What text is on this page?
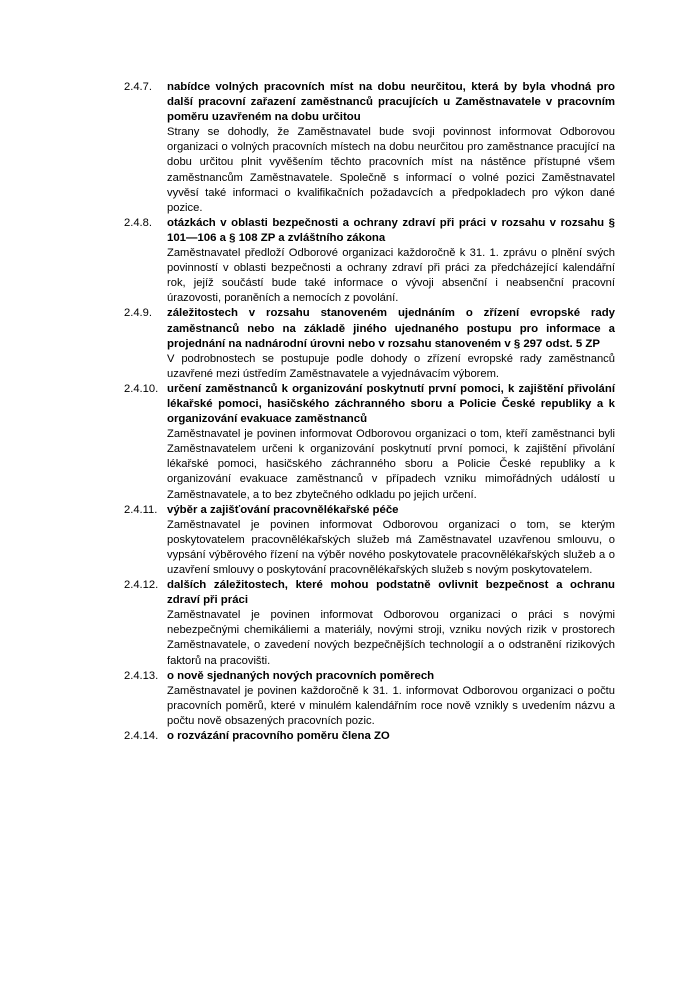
2.4.7.	nabídce volných pracovních míst na dobu neurčitou, která by byla vhodná pro další pracovní zařazení zaměstnanců pracujících u Zaměstnavatele v pracovním poměru uzavřeném na dobu určitou
Strany se dohodly, že Zaměstnavatel bude svoji povinnost informovat Odborovou organizaci o volných pracovních místech na dobu neurčitou pro zaměstnance pracující na dobu určitou plnit vyvěšením těchto pracovních míst na nástěnce přístupné všem zaměstnancům Zaměstnavatele. Společně s informací o volné pozici Zaměstnavatel vyvěsí také informaci o kvalifikačních požadavcích a předpokladech pro výkon dané pozice.
2.4.8.	otázkách v oblasti bezpečnosti a ochrany zdraví při práci v rozsahu v rozsahu § 101—106 a § 108 ZP a zvláštního zákona
Zaměstnavatel předloží Odborové organizaci každoročně k 31. 1. zprávu o plnění svých povinností v oblasti bezpečnosti a ochrany zdraví při práci za předcházející kalendářní rok, jejíž součástí bude také informace o vývoji absenční i neabsenční pracovní úrazovosti, poraněních a nemocích z povolání.
2.4.9.	záležitostech v rozsahu stanoveném ujednáním o zřízení evropské rady zaměstnanců nebo na základě jiného ujednaného postupu pro informace a projednání na nadnárodní úrovni nebo v rozsahu stanoveném v § 297 odst. 5 ZP
V podrobnostech se postupuje podle dohody o zřízení evropské rady zaměstnanců uzavřené mezi ústředím Zaměstnavatele a vyjednávacím výborem.
2.4.10. určení zaměstnanců k organizování poskytnutí první pomoci, k zajištění přivolání lékařské pomoci, hasičského záchranného sboru a Policie České republiky a k organizování evakuace zaměstnanců
Zaměstnavatel je povinen informovat Odborovou organizaci o tom, kteří zaměstnanci byli Zaměstnavatelem určeni k organizování poskytnutí první pomoci, k zajištění přivolání lékařské pomoci, hasičského záchranného sboru a Policie České republiky a k organizování evakuace zaměstnanců v případech vzniku mimořádných událostí u Zaměstnavatele, a to bez zbytečného odkladu po jejich určení.
2.4.11. výběr a zajišťování pracovnělékařské péče
Zaměstnavatel je povinen informovat Odborovou organizaci o tom, se kterým poskytovatelem pracovnělékařských služeb má Zaměstnavatel uzavřenou smlouvu, o vypsání výběrového řízení na výběr nového poskytovatele pracovnělékařských služeb a o uzavření smlouvy o poskytování pracovnělékařských služeb s novým poskytovatelem.
2.4.12. dalších záležitostech, které mohou podstatně ovlivnit bezpečnost a ochranu zdraví při práci
Zaměstnavatel je povinen informovat Odborovou organizaci o práci s novými nebezpečnými chemikáliemi a materiály, novými stroji, vzniku nových rizik v prostorech Zaměstnavatele, o zavedení nových bezpečnějších technologií a o odstranění rizikových faktorů na pracovišti.
2.4.13. o nově sjednaných nových pracovních poměrech
Zaměstnavatel je povinen každoročně k 31. 1. informovat Odborovou organizaci o počtu pracovních poměrů, které v minulém kalendářním roce nově vznikly s uvedením názvu a počtu nově obsazených pracovních pozic.
2.4.14. o rozvázání pracovního poměru člena ZO
